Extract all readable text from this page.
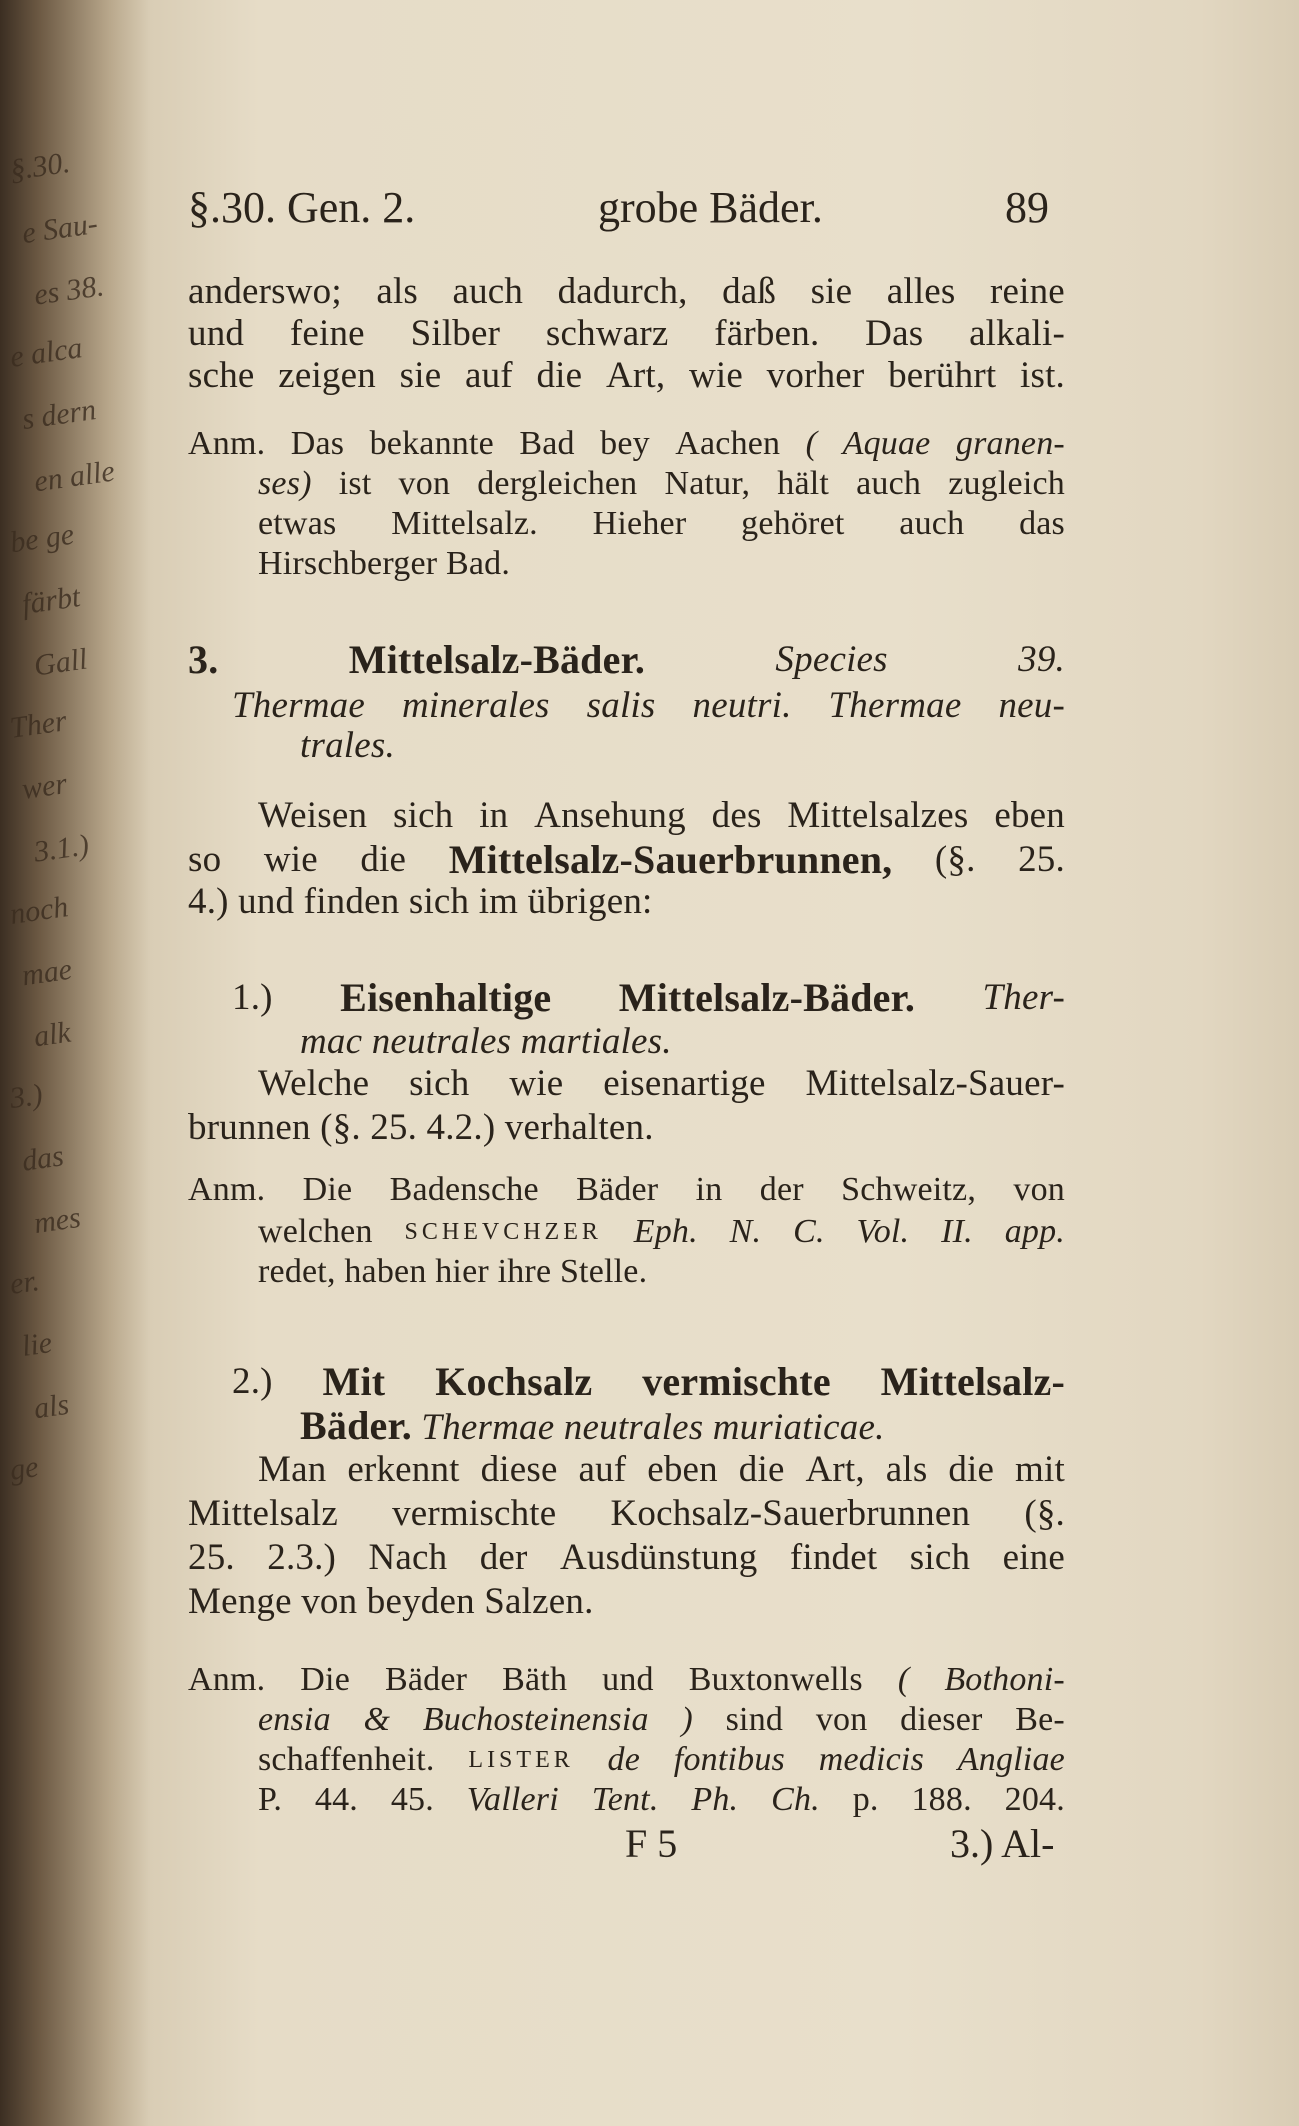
§.30.
e Sau-
es 38.
e alca
s dern
en alle
be ge
färbt
Gall
Ther
wer
3.1.)
noch
mae
alk
3.)
das
mes
er.
lie
als
ge
§.30. Gen. 2.	grobe Bäder.	89
anderswo; als auch dadurch, daß sie alles reine
und feine Silber schwarz färben. Das alkali-
sche zeigen sie auf die Art, wie vorher berührt ist.
Anm. Das bekannte Bad bey Aachen ( Aquae granen-
ses) ist von dergleichen Natur, hält auch zugleich
etwas Mittelsalz. Hieher gehöret auch das
Hirschberger Bad.
3.	Mittelsalz-Bäder.	Species	39.
Thermae minerales salis neutri. Thermae neu-
trales.
Weisen sich in Ansehung des Mittelsalzes eben
so wie die Mittelsalz-Sauerbrunnen, (§. 25.
4.) und finden sich im übrigen:
1.) Eisenhaltige Mittelsalz-Bäder. Ther-
mac neutrales martiales.
Welche sich wie eisenartige Mittelsalz-Sauer-
brunnen (§. 25. 4.2.) verhalten.
Anm. Die Badensche Bäder in der Schweitz, von
welchen SCHEVCHZER Eph. N. C. Vol. II. app.
redet, haben hier ihre Stelle.
2.) Mit Kochsalz vermischte Mittelsalz-
Bäder. Thermae neutrales muriaticae.
Man erkennt diese auf eben die Art, als die mit
Mittelsalz vermischte Kochsalz-Sauerbrunnen (§.
25. 2.3.) Nach der Ausdünstung findet sich eine
Menge von beyden Salzen.
Anm. Die Bäder Bäth und Buxtonwells ( Bothoni-
ensia & Buchosteinensia ) sind von dieser Be-
schaffenheit. LISTER de fontibus medicis Angliae
P. 44. 45. Valleri Tent. Ph. Ch. p. 188. 204.
F 5	3.) Al-
